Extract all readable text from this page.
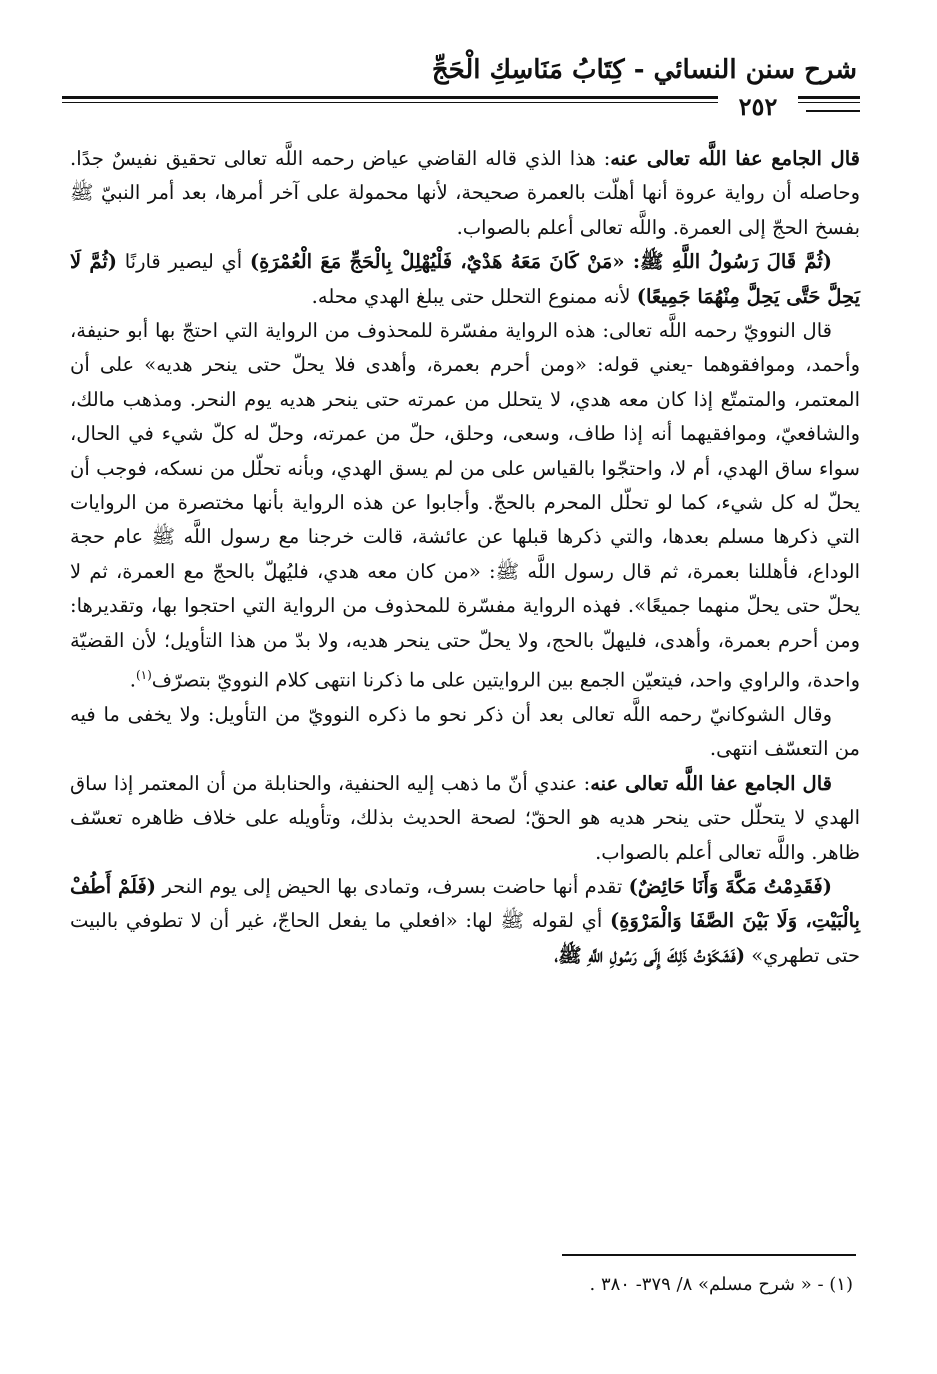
شرح سنن النسائي - كِتَابُ مَنَاسِكِ الْحَجِّ
٢٥٢

قال الجامع عفا اللَّه تعالى عنه: هذا الذي قاله القاضي عياض رحمه اللَّه تعالى تحقيق نفيسٌ جدًا. وحاصله أن رواية عروة أنها أهلّت بالعمرة صحيحة، لأنها محمولة على آخر أمرها، بعد أمر النبيّ ﷺ بفسخ الحجّ إلى العمرة. واللَّه تعالى أعلم بالصواب.

(ثُمَّ قَالَ رَسُولُ اللَّهِ ﷺ: «مَنْ كَانَ مَعَهُ هَدْيٌ، فَلْيُهْلِلْ بِالْحَجِّ مَعَ الْعُمْرَةِ) أي ليصير قارنًا (ثُمَّ لَا يَحِلَّ حَتَّى يَحِلَّ مِنْهُمَا جَمِيعًا) لأنه ممنوع التحلل حتى يبلغ الهدي محله.

قال النوويّ رحمه اللَّه تعالى: هذه الرواية مفسّرة للمحذوف من الرواية التي احتجّ بها أبو حنيفة، وأحمد، وموافقوهما -يعني قوله: «ومن أحرم بعمرة، وأهدى فلا يحلّ حتى ينحر هديه» على أن المعتمر، والمتمتّع إذا كان معه هدي، لا يتحلل من عمرته حتى ينحر هديه يوم النحر. ومذهب مالك، والشافعيّ، وموافقيهما أنه إذا طاف، وسعى، وحلق، حلّ من عمرته، وحلّ له كلّ شيء في الحال، سواء ساق الهدي، أم لا، واحتجّوا بالقياس على من لم يسق الهدي، وبأنه تحلّل من نسكه، فوجب أن يحلّ له كل شيء، كما لو تحلّل المحرم بالحجّ. وأجابوا عن هذه الرواية بأنها مختصرة من الروايات التي ذكرها مسلم بعدها، والتي ذكرها قبلها عن عائشة، قالت خرجنا مع رسول اللَّه ﷺ عام حجة الوداع، فأهللنا بعمرة، ثم قال رسول اللَّه ﷺ: «من كان معه هدي، فليُهلّ بالحجّ مع العمرة، ثم لا يحلّ حتى يحلّ منهما جميعًا». فهذه الرواية مفسّرة للمحذوف من الرواية التي احتجوا بها، وتقديرها: ومن أحرم بعمرة، وأهدى، فليهلّ بالحج، ولا يحلّ حتى ينحر هديه، ولا بدّ من هذا التأويل؛ لأن القضيّة واحدة، والراوي واحد، فيتعيّن الجمع بين الروايتين على ما ذكرنا انتهى كلام النوويّ بتصرّف$^{(١)}$.

وقال الشوكانيّ رحمه اللَّه تعالى بعد أن ذكر نحو ما ذكره النوويّ من التأويل: ولا يخفى ما فيه من التعسّف انتهى.

قال الجامع عفا اللَّه تعالى عنه: عندي أنّ ما ذهب إليه الحنفية، والحنابلة من أن المعتمر إذا ساق الهدي لا يتحلّل حتى ينحر هديه هو الحقّ؛ لصحة الحديث بذلك، وتأويله على خلاف ظاهره تعسّف ظاهر. واللَّه تعالى أعلم بالصواب.

(فَقَدِمْتُ مَكَّةَ وَأَنَا حَائِضٌ) تقدم أنها حاضت بسرف، وتمادى بها الحيض إلى يوم النحر (فَلَمْ أَطُفْ بِالْبَيْتِ، وَلَا بَيْنَ الصَّفَا وَالْمَرْوَةِ) أي لقوله ﷺ لها: «افعلي ما يفعل الحاجّ، غير أن لا تطوفي بالبيت حتى تطهري» (فَشَكَوْتُ ذَلِكَ إِلَى رَسُولِ اللَّهِ ﷺ،

(١) - « شرح مسلم» ٨/ ٣٧٩- ٣٨٠ .
